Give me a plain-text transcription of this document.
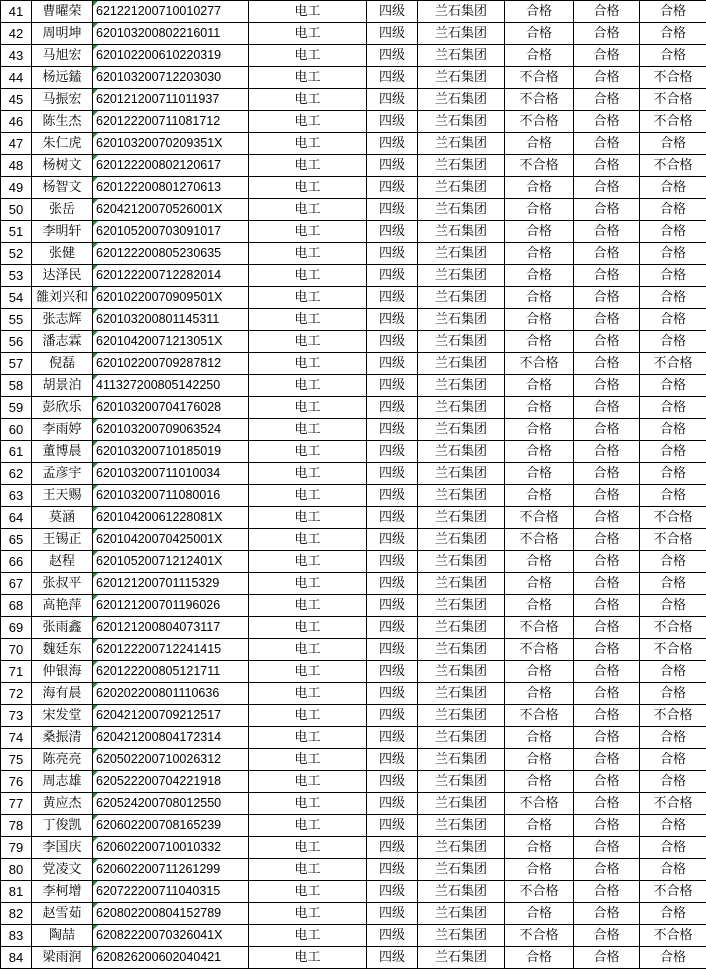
41	曹曜荣	621221200710010277	电工	四级	兰石集团	合格	合格	合格
42	周明坤	620103200802216011	电工	四级	兰石集团	合格	合格	合格
43	马旭宏	620102200610220319	电工	四级	兰石集团	合格	合格	合格
44	杨远鎑	620103200712203030	电工	四级	兰石集团	不合格	合格	不合格
45	马振宏	620121200711011937	电工	四级	兰石集团	不合格	合格	不合格
46	陈生杰	620122200711081712	电工	四级	兰石集团	不合格	合格	不合格
47	朱仁虎	62010320070209351X	电工	四级	兰石集团	合格	合格	合格
48	杨树文	620122200802120617	电工	四级	兰石集团	不合格	合格	不合格
49	杨智文	620122200801270613	电工	四级	兰石集团	合格	合格	合格
50	张岳	62042120070526001X	电工	四级	兰石集团	合格	合格	合格
51	李明轩	620105200703091017	电工	四级	兰石集团	合格	合格	合格
52	张健	620122200805230635	电工	四级	兰石集团	合格	合格	合格
53	达泽民	620122200712282014	电工	四级	兰石集团	合格	合格	合格
54	雒刘兴和	62010220070909501X	电工	四级	兰石集团	合格	合格	合格
55	张志辉	620103200801145311	电工	四级	兰石集团	合格	合格	合格
56	潘志霖	62010420071213051X	电工	四级	兰石集团	合格	合格	合格
57	倪磊	620102200709287812	电工	四级	兰石集团	不合格	合格	不合格
58	胡景泊	411327200805142250	电工	四级	兰石集团	合格	合格	合格
59	彭欣乐	620103200704176028	电工	四级	兰石集团	合格	合格	合格
60	李雨婷	620103200709063524	电工	四级	兰石集团	合格	合格	合格
61	董博晨	620103200710185019	电工	四级	兰石集团	合格	合格	合格
62	孟彦宇	620103200711010034	电工	四级	兰石集团	合格	合格	合格
63	王天赐	620103200711080016	电工	四级	兰石集团	合格	合格	合格
64	莫涵	62010420061228081X	电工	四级	兰石集团	不合格	合格	不合格
65	王锡正	62010420070425001X	电工	四级	兰石集团	不合格	合格	不合格
66	赵程	62010520071212401X	电工	四级	兰石集团	合格	合格	合格
67	张叔平	620121200701115329	电工	四级	兰石集团	合格	合格	合格
68	高艳萍	620121200701196026	电工	四级	兰石集团	合格	合格	合格
69	张雨鑫	620121200804073117	电工	四级	兰石集团	不合格	合格	不合格
70	魏廷东	620122200712241415	电工	四级	兰石集团	不合格	合格	不合格
71	仲银海	620122200805121711	电工	四级	兰石集团	合格	合格	合格
72	海有晨	620202200801110636	电工	四级	兰石集团	合格	合格	合格
73	宋发堂	620421200709212517	电工	四级	兰石集团	不合格	合格	不合格
74	桑振清	620421200804172314	电工	四级	兰石集团	合格	合格	合格
75	陈亮亮	620502200710026312	电工	四级	兰石集团	合格	合格	合格
76	周志雄	620522200704221918	电工	四级	兰石集团	合格	合格	合格
77	黄应杰	620524200708012550	电工	四级	兰石集团	不合格	合格	不合格
78	丁俊凯	620602200708165239	电工	四级	兰石集团	合格	合格	合格
79	李国庆	620602200710010332	电工	四级	兰石集团	合格	合格	合格
80	党凌文	620602200711261299	电工	四级	兰石集团	合格	合格	合格
81	李柯增	620722200711040315	电工	四级	兰石集团	不合格	合格	不合格
82	赵雪茹	620802200804152789	电工	四级	兰石集团	合格	合格	合格
83	陶喆	62082220070326041X	电工	四级	兰石集团	不合格	合格	不合格
84	梁雨润	620826200602040421	电工	四级	兰石集团	合格	合格	合格
